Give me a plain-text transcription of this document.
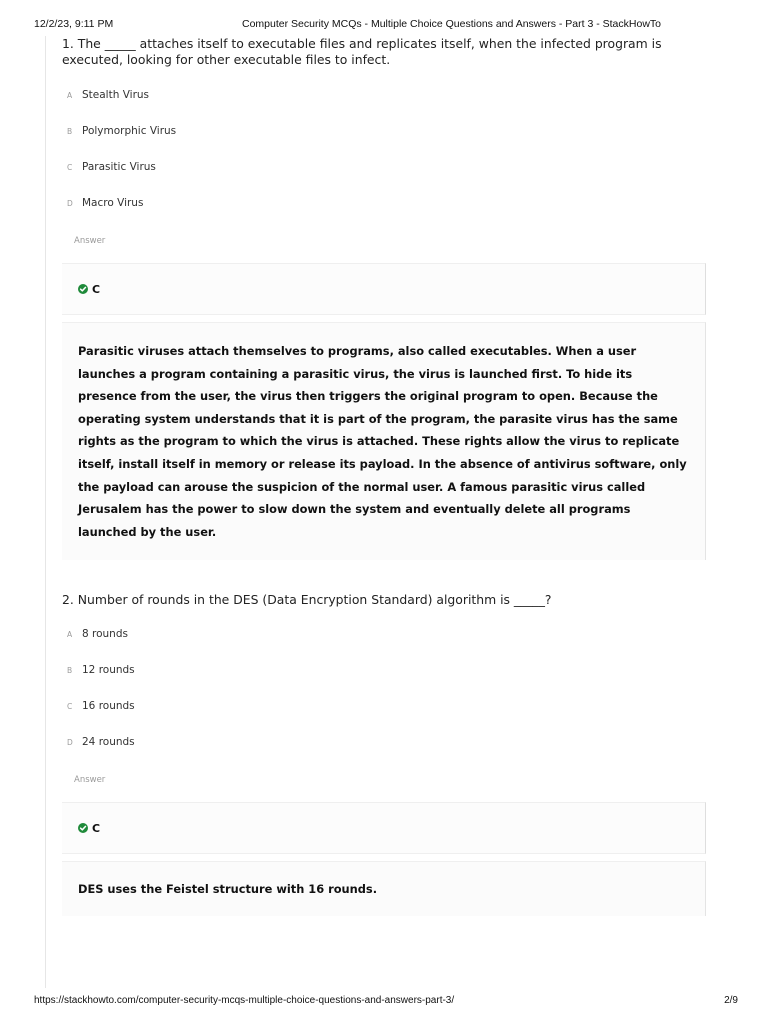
12/2/23, 9:11 PM	Computer Security MCQs - Multiple Choice Questions and Answers - Part 3 - StackHowTo

1. The _____ attaches itself to executable files and replicates itself, when the infected program is executed, looking for other executable files to infect.

A Stealth Virus
B Polymorphic Virus
C Parasitic Virus
D Macro Virus
Answer
C
Parasitic viruses attach themselves to programs, also called executables. When a user launches a program containing a parasitic virus, the virus is launched first. To hide its presence from the user, the virus then triggers the original program to open. Because the operating system understands that it is part of the program, the parasite virus has the same rights as the program to which the virus is attached. These rights allow the virus to replicate itself, install itself in memory or release its payload. In the absence of antivirus software, only the payload can arouse the suspicion of the normal user. A famous parasitic virus called Jerusalem has the power to slow down the system and eventually delete all programs launched by the user.

2. Number of rounds in the DES (Data Encryption Standard) algorithm is _____?

A 8 rounds
B 12 rounds
C 16 rounds
D 24 rounds
Answer
C
DES uses the Feistel structure with 16 rounds.
https://stackhowto.com/computer-security-mcqs-multiple-choice-questions-and-answers-part-3/	2/9
